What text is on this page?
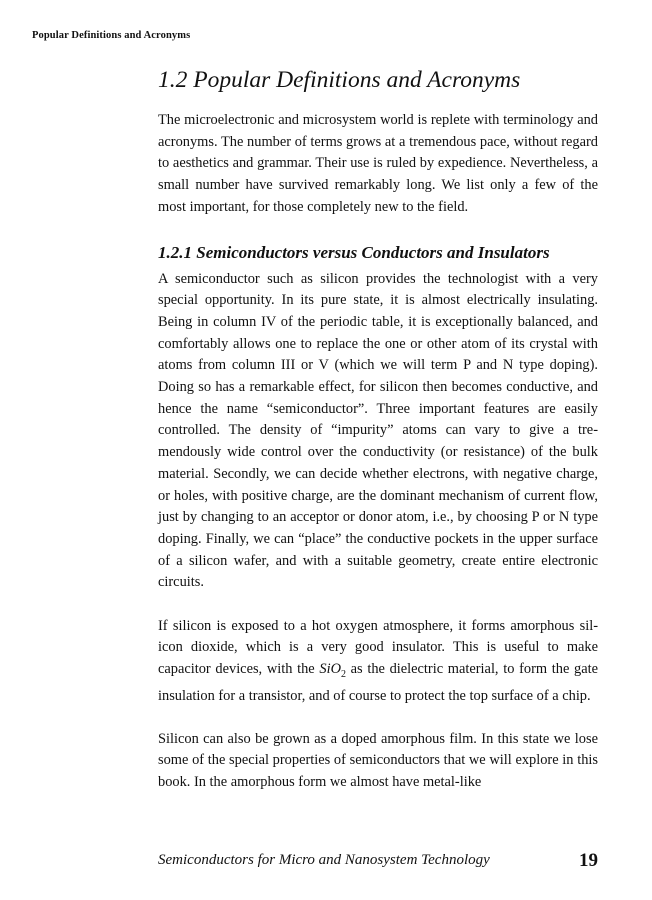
Popular Definitions and Acronyms
1.2 Popular Definitions and Acronyms

The microelectronic and microsystem world is replete with terminology and acronyms. The number of terms grows at a tremendous pace, without regard to aesthetics and grammar. Their use is ruled by expedience. Nevertheless, a small number have survived remarkably long. We list only a few of the most important, for those completely new to the field.

1.2.1 Semiconductors versus Conductors and Insulators

A semiconductor such as silicon provides the technologist with a very special opportunity. In its pure state, it is almost electrically insulating. Being in column IV of the periodic table, it is exceptionally balanced, and comfortably allows one to replace the one or other atom of its crystal with atoms from column III or V (which we will term P and N type doping). Doing so has a remarkable effect, for silicon then becomes conductive, and hence the name “semiconductor”. Three important features are easily controlled. The density of “impurity” atoms can vary to give a tremendously wide control over the conductivity (or resistance) of the bulk material. Secondly, we can decide whether electrons, with negative charge, or holes, with positive charge, are the dominant mechanism of current flow, just by changing to an acceptor or donor atom, i.e., by choosing P or N type doping. Finally, we can “place” the conductive pockets in the upper surface of a silicon wafer, and with a suitable geometry, create entire electronic circuits.

If silicon is exposed to a hot oxygen atmosphere, it forms amorphous silicon dioxide, which is a very good insulator. This is useful to make capacitor devices, with the SiO$_2$ as the dielectric material, to form the gate insulation for a transistor, and of course to protect the top surface of a chip.

Silicon can also be grown as a doped amorphous film. In this state we lose some of the special properties of semiconductors that we will explore in this book. In the amorphous form we almost have metal-like

Semiconductors for Micro and Nanosystem Technology	19
